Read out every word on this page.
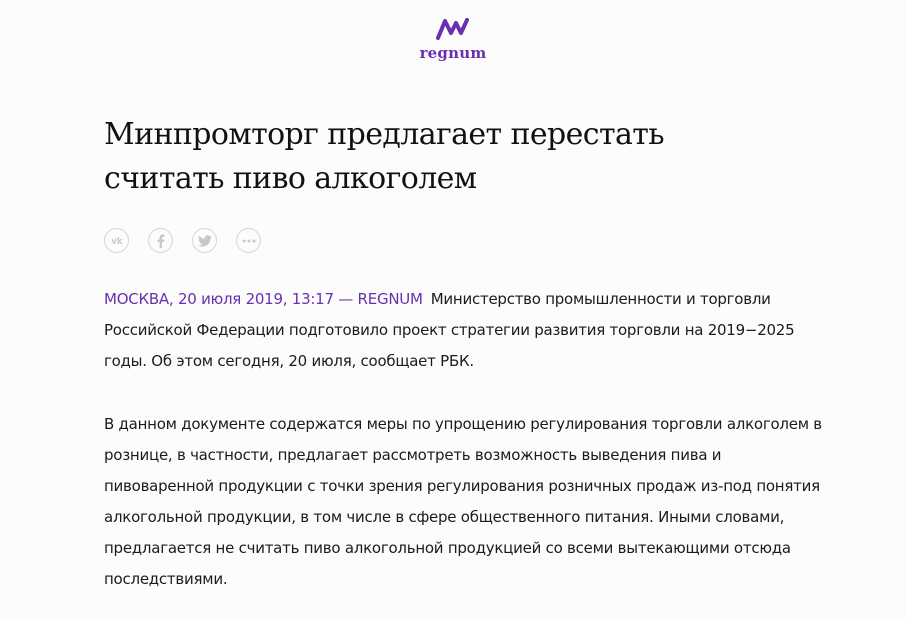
regnum
Минпромторг предлагает перестать считать пиво алкоголем
vk

МОСКВА, 20 июля 2019, 13:17 — REGNUM Министерство промышленности и торговли Российской Федерации подготовило проект стратегии развития торговли на 2019−2025 годы. Об этом сегодня, 20 июля, сообщает РБК.

В данном документе содержатся меры по упрощению регулирования торговли алкоголем в рознице, в частности, предлагает рассмотреть возможность выведения пива и пивоваренной продукции с точки зрения регулирования розничных продаж из-под понятия алкогольной продукции, в том числе в сфере общественного питания. Иными словами, предлагается не считать пиво алкогольной продукцией со всеми вытекающими отсюда последствиями.
